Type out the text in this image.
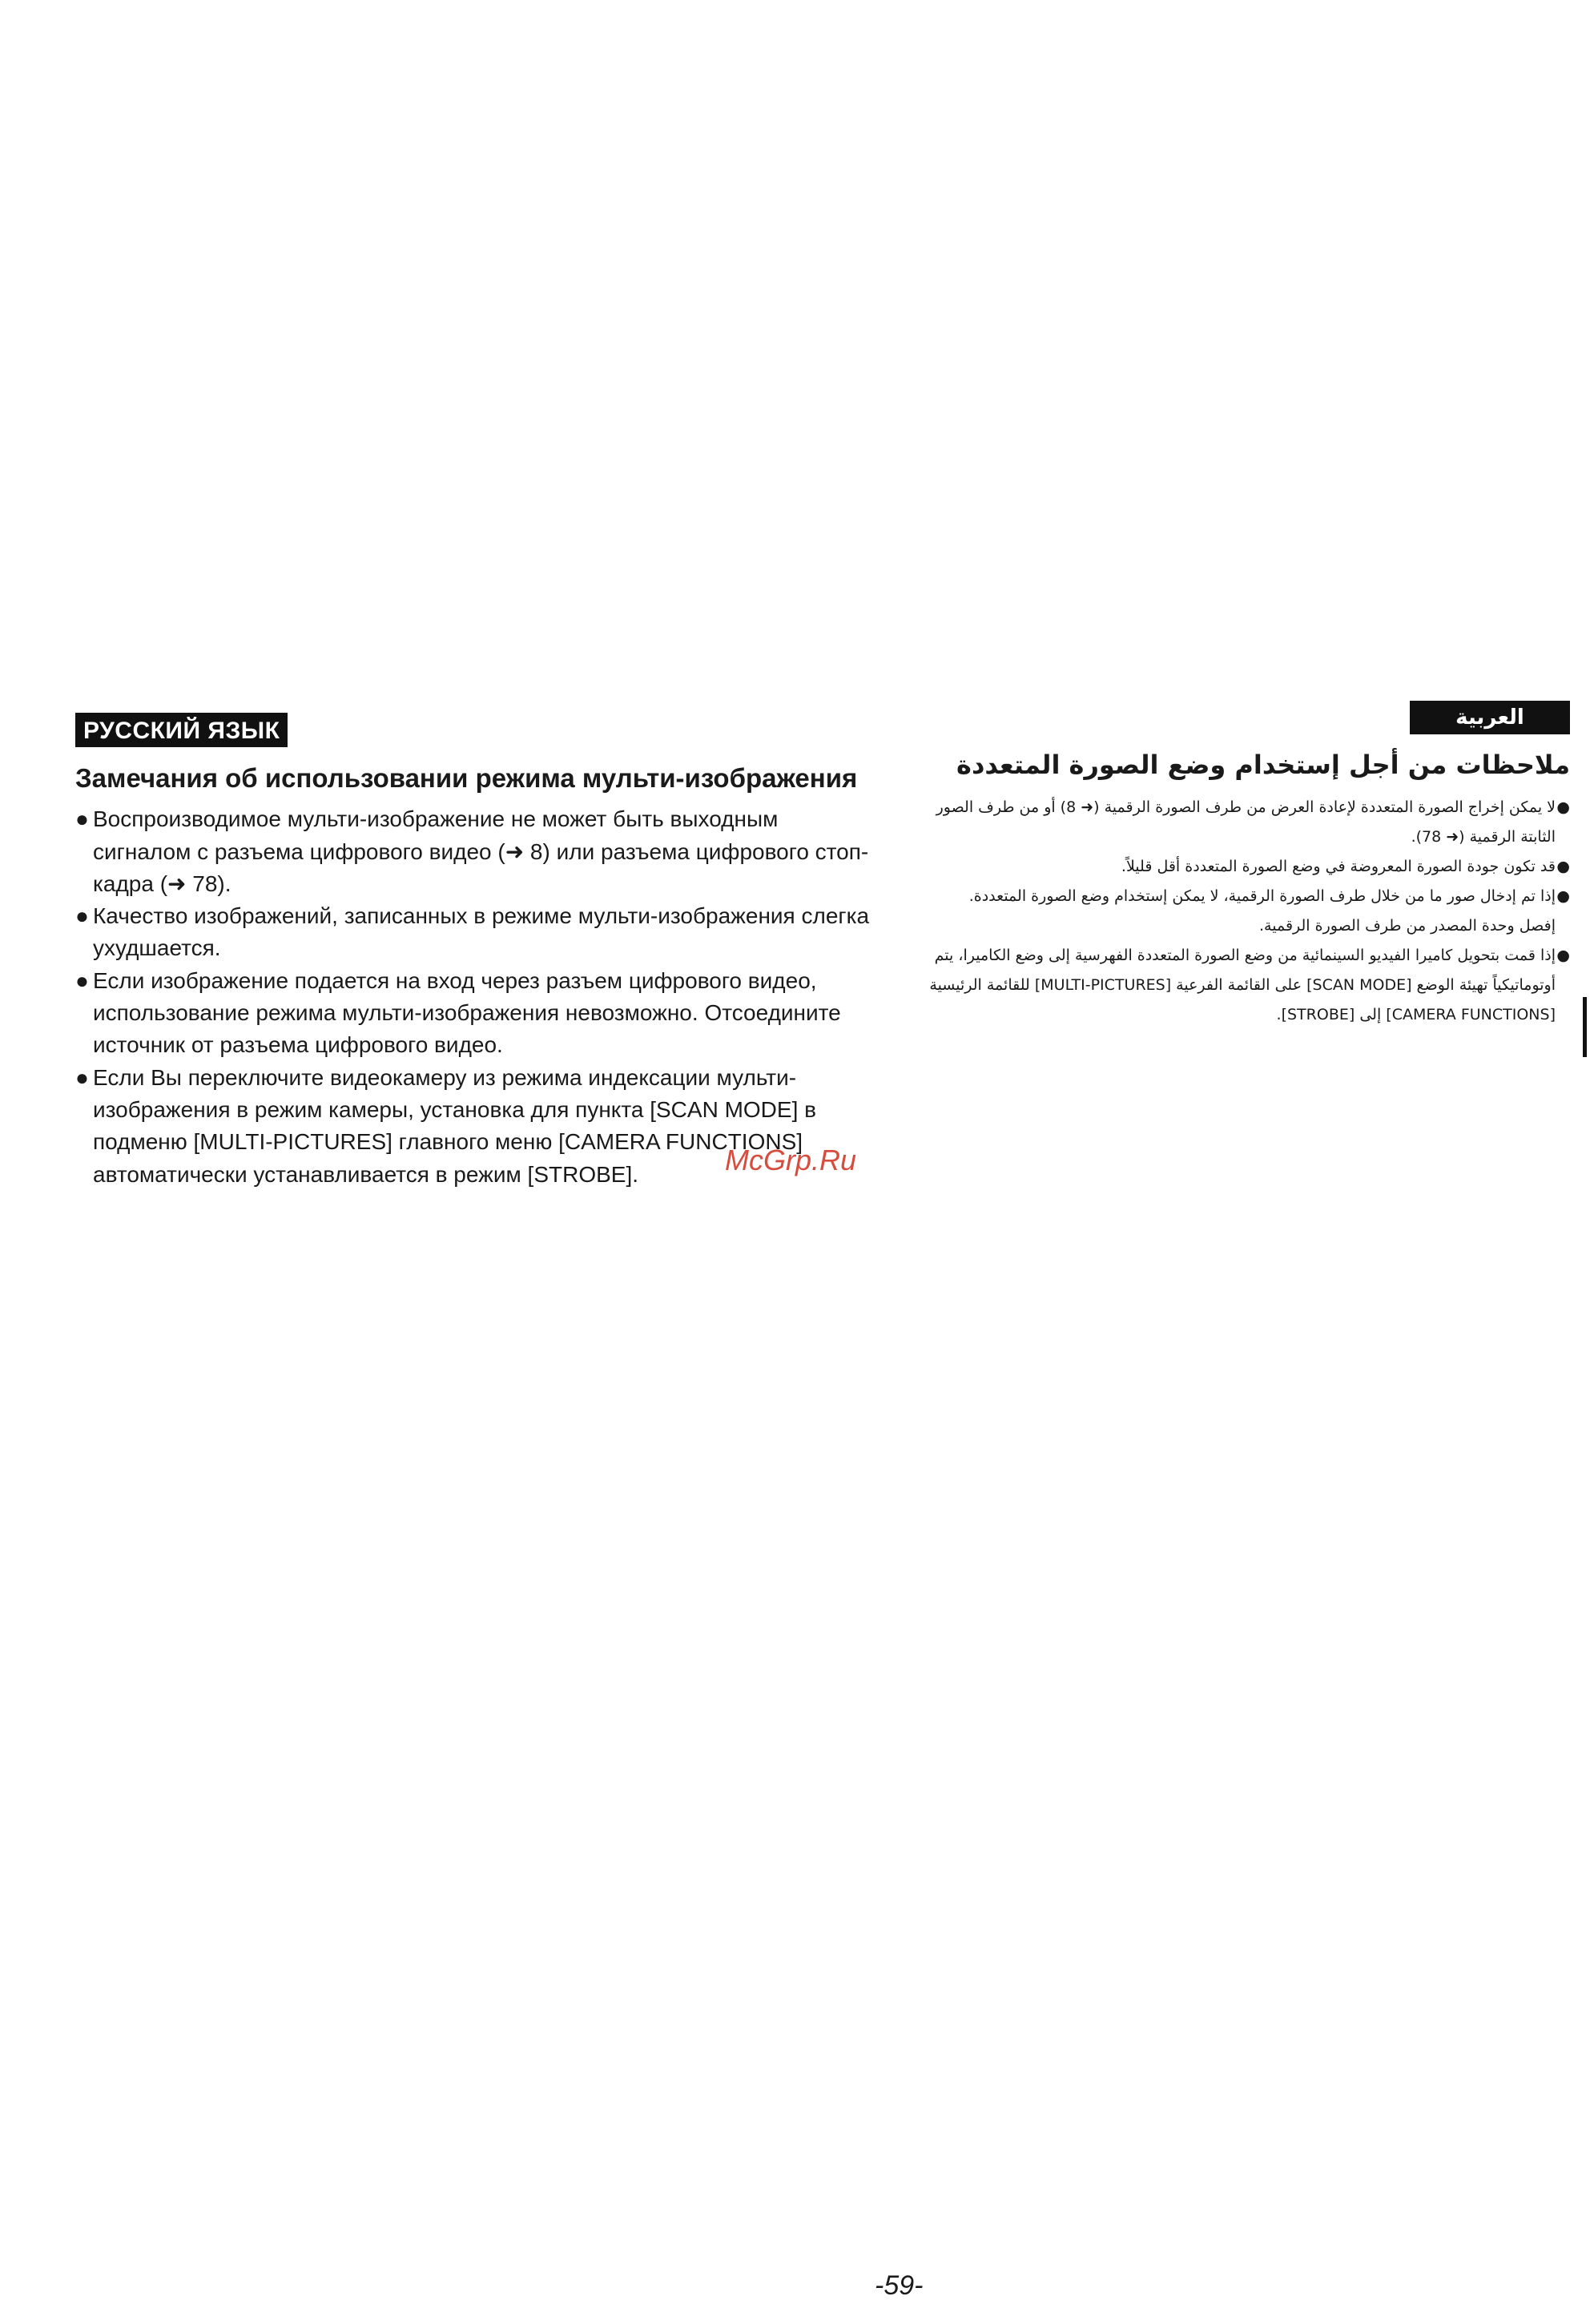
РУССКИЙ ЯЗЫК
Замечания об использовании режима мульти-изображения
● Воспроизводимое мульти-изображение не может быть выходным сигналом с разъема цифрового видео (➜ 8) или разъема цифрового стоп-кадра (➜ 78).
● Качество изображений, записанных в режиме мульти-изображения слегка ухудшается.
● Если изображение подается на вход через разъем цифрового видео, использование режима мульти-изображения невозможно. Отсоедините источник от разъема цифрового видео.
● Если Вы переключите видеокамеру из режима индексации мульти-изображения в режим камеры, установка для пункта [SCAN MODE] в подменю [MULTI-PICTURES] главного меню [CAMERA FUNCTIONS] автоматически устанавливается в режим [STROBE].
العربية
ملاحظات من أجل إستخدام وضع الصورة المتعددة
●
لا يمكن إخراج الصورة المتعددة لإعادة العرض من طرف الصورة الرقمية (➜ 8) أو من طرف الصور الثابتة الرقمية (➜ 78).
●
قد تكون جودة الصورة المعروضة في وضع الصورة المتعددة أقل قليلاً.
●
إذا تم إدخال صور ما من خلال طرف الصورة الرقمية، لا يمكن إستخدام وضع الصورة المتعددة. إفصل وحدة المصدر من طرف الصورة الرقمية.
●
إذا قمت بتحويل كاميرا الفيديو السينمائية من وضع الصورة المتعددة الفهرسية إلى وضع الكاميرا، يتم أوتوماتيكياً تهيئة الوضع [SCAN MODE] على القائمة الفرعية [MULTI-PICTURES] للقائمة الرئيسية [CAMERA FUNCTIONS] إلى [STROBE].
McGrp.Ru
-59-
